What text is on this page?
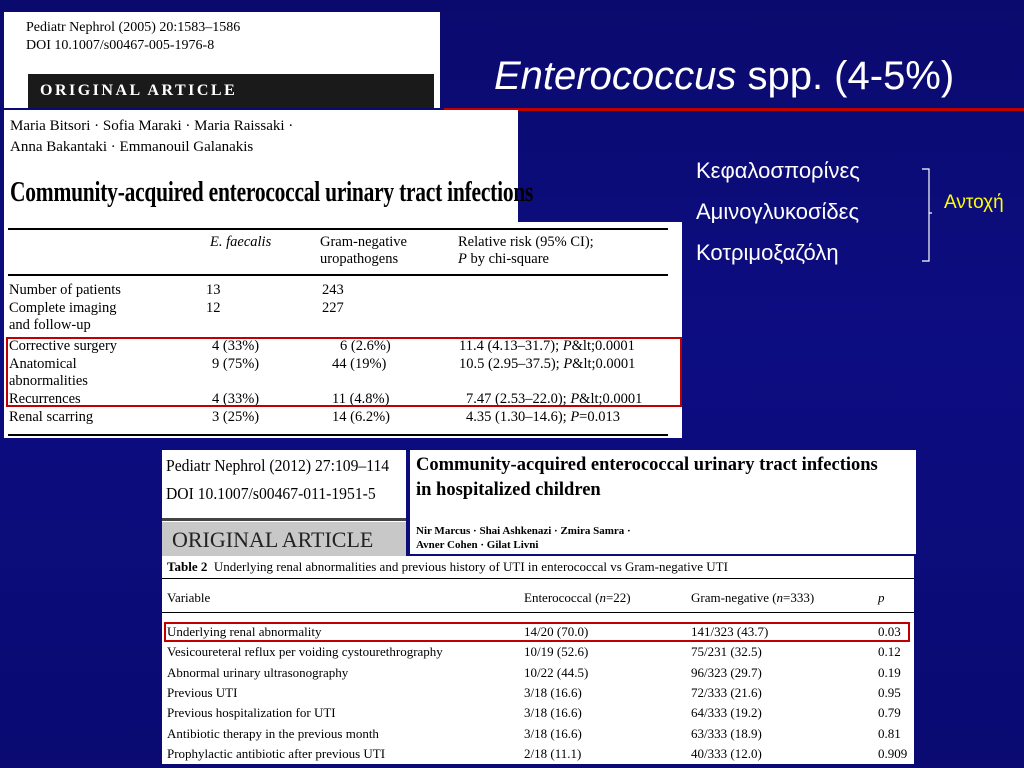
Pediatr Nephrol (2005) 20:1583–1586
DOI 10.1007/s00467-005-1976-8
ORIGINAL ARTICLE	Enterococcus spp. (4-5%)
Maria Bitsori · Sofia Maraki · Maria Raissaki ·
Anna Bakantaki · Emmanouil Galanakis
Community-acquired enterococcal urinary tract infections
E. faecalis	Gram-negative
uropathogens
Relative risk (95% CI);
P by chi-square
Number of patients	13	243
Complete imaging
and follow-up
12	227
Corrective surgery	4 (33%)	6 (2.6%)	11.4 (4.13–31.7); P&lt;0.0001
Anatomical
abnormalities
9 (75%)	44 (19%)	10.5 (2.95–37.5); P&lt;0.0001
Recurrences	4 (33%)	11 (4.8%)	7.47 (2.53–22.0); P&lt;0.0001
Renal scarring	3 (25%)	14 (6.2%)	4.35 (1.30–14.6); P=0.013
Κεφαλοσπορίνες
Αμινογλυκοσίδες
Κοτριμοξαζόλη
Αντοχή
Pediatr Nephrol (2012) 27:109–114
DOI 10.1007/s00467-011-1951-5
ORIGINAL ARTICLE
Community-acquired enterococcal urinary tract infections
in hospitalized children
Nir Marcus · Shai Ashkenazi · Zmira Samra ·
Avner Cohen · Gilat Livni
Table 2 Underlying renal abnormalities and previous history of UTI in enterococcal vs Gram-negative UTI
Variable	Enterococcal (n=22)	Gram-negative (n=333)	p
Underlying renal abnormality	14/20 (70.0)	141/323 (43.7)	0.03
Vesicoureteral reflux per voiding cystourethrography	10/19 (52.6)	75/231 (32.5)	0.12
Abnormal urinary ultrasonography	10/22 (44.5)	96/323 (29.7)	0.19
Previous UTI	3/18 (16.6)	72/333 (21.6)	0.95
Previous hospitalization for UTI	3/18 (16.6)	64/333 (19.2)	0.79
Antibiotic therapy in the previous month	3/18 (16.6)	63/333 (18.9)	0.81
Prophylactic antibiotic after previous UTI	2/18 (11.1)	40/333 (12.0)	0.909
